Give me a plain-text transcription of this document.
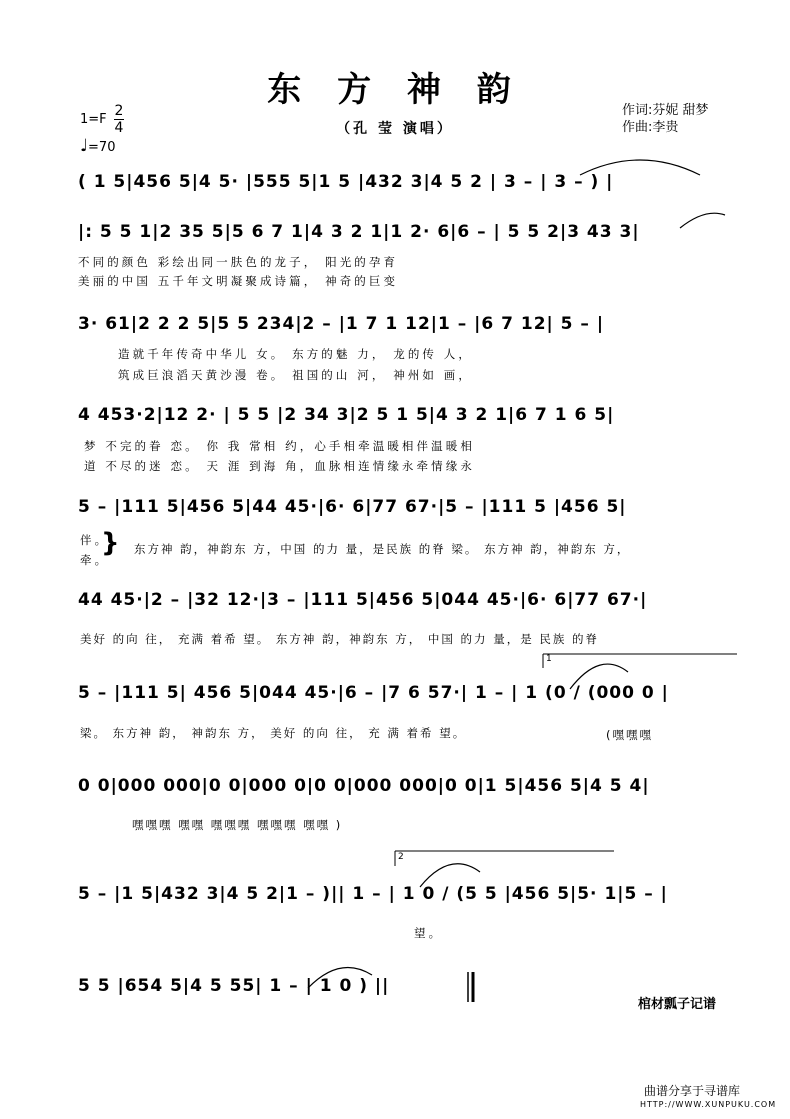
东 方 神 韵
（孔 莹 演唱）
作词:芬妮 甜梦
作曲:李贵
1=F
2
4
♩=70
( 1 5|456 5|4 5· |555 5|1 5 |432 3|4 5 2 | 3 – | 3 – ) |
|: 5 5 1|2 35 5|5 6 7 1|4 3 2 1|1 2· 6|6 – | 5 5 2|3 43 3|
不同的颜色 彩绘出同一肤色的龙子， 阳光的孕育
美丽的中国 五千年文明凝聚成诗篇， 神奇的巨变
3· 61|2 2 2 5|5 5 234|2 – |1 7 1 12|1 – |6 7 12| 5 – |
造就千年传奇中华儿 女。 东方的魅 力， 龙的传 人，
筑成巨浪滔天黄沙漫 卷。 祖国的山 河， 神州如 画，
4 453·2|12 2· | 5 5 |2 34 3|2 5 1 5|4 3 2 1|6 7 1 6 5|
梦 不完的眷 恋。 你 我 常相 约，心手相牵温暖相伴温暖相
道 不尽的迷 恋。 天 涯 到海 角，血脉相连情缘永牵情缘永
5 – |111 5|456 5|44 45·|6· 6|77 67·|5 – |111 5 |456 5|
伴。
牵。
} 东方神 韵，神韵东 方，中国 的力 量，是民族 的脊 梁。 东方神 韵，神韵东 方，
44 45·|2 – |32 12·|3 – |111 5|456 5|044 45·|6· 6|77 67·|
美好 的向 往， 充满 着希 望。 东方神 韵，神韵东 方， 中国 的力 量，是 民族 的脊
5 – |111 5| 456 5|044 45·|6 – |7 6 57·| 1 – | 1 (0 / (000 0 |
梁。 东方神 韵， 神韵东 方， 美好 的向 往， 充 满 着希 望。	(嘿嘿嘿
0 0|000 000|0 0|000 0|0 0|000 000|0 0|1 5|456 5|4 5 4|
嘿嘿嘿 嘿嘿 嘿嘿嘿 嘿嘿嘿 嘿嘿 )
5 – |1 5|432 3|4 5 2|1 – )|| 1 – | 1 0 / (5 5 |456 5|5· 1|5 – |
望。
5 5 |654 5|4 5 55| 1 – | 1 0 ) ||
1
2
棺材瓢子记谱
曲谱分享于寻谱库
HTTP://WWW.XUNPUKU.COM
